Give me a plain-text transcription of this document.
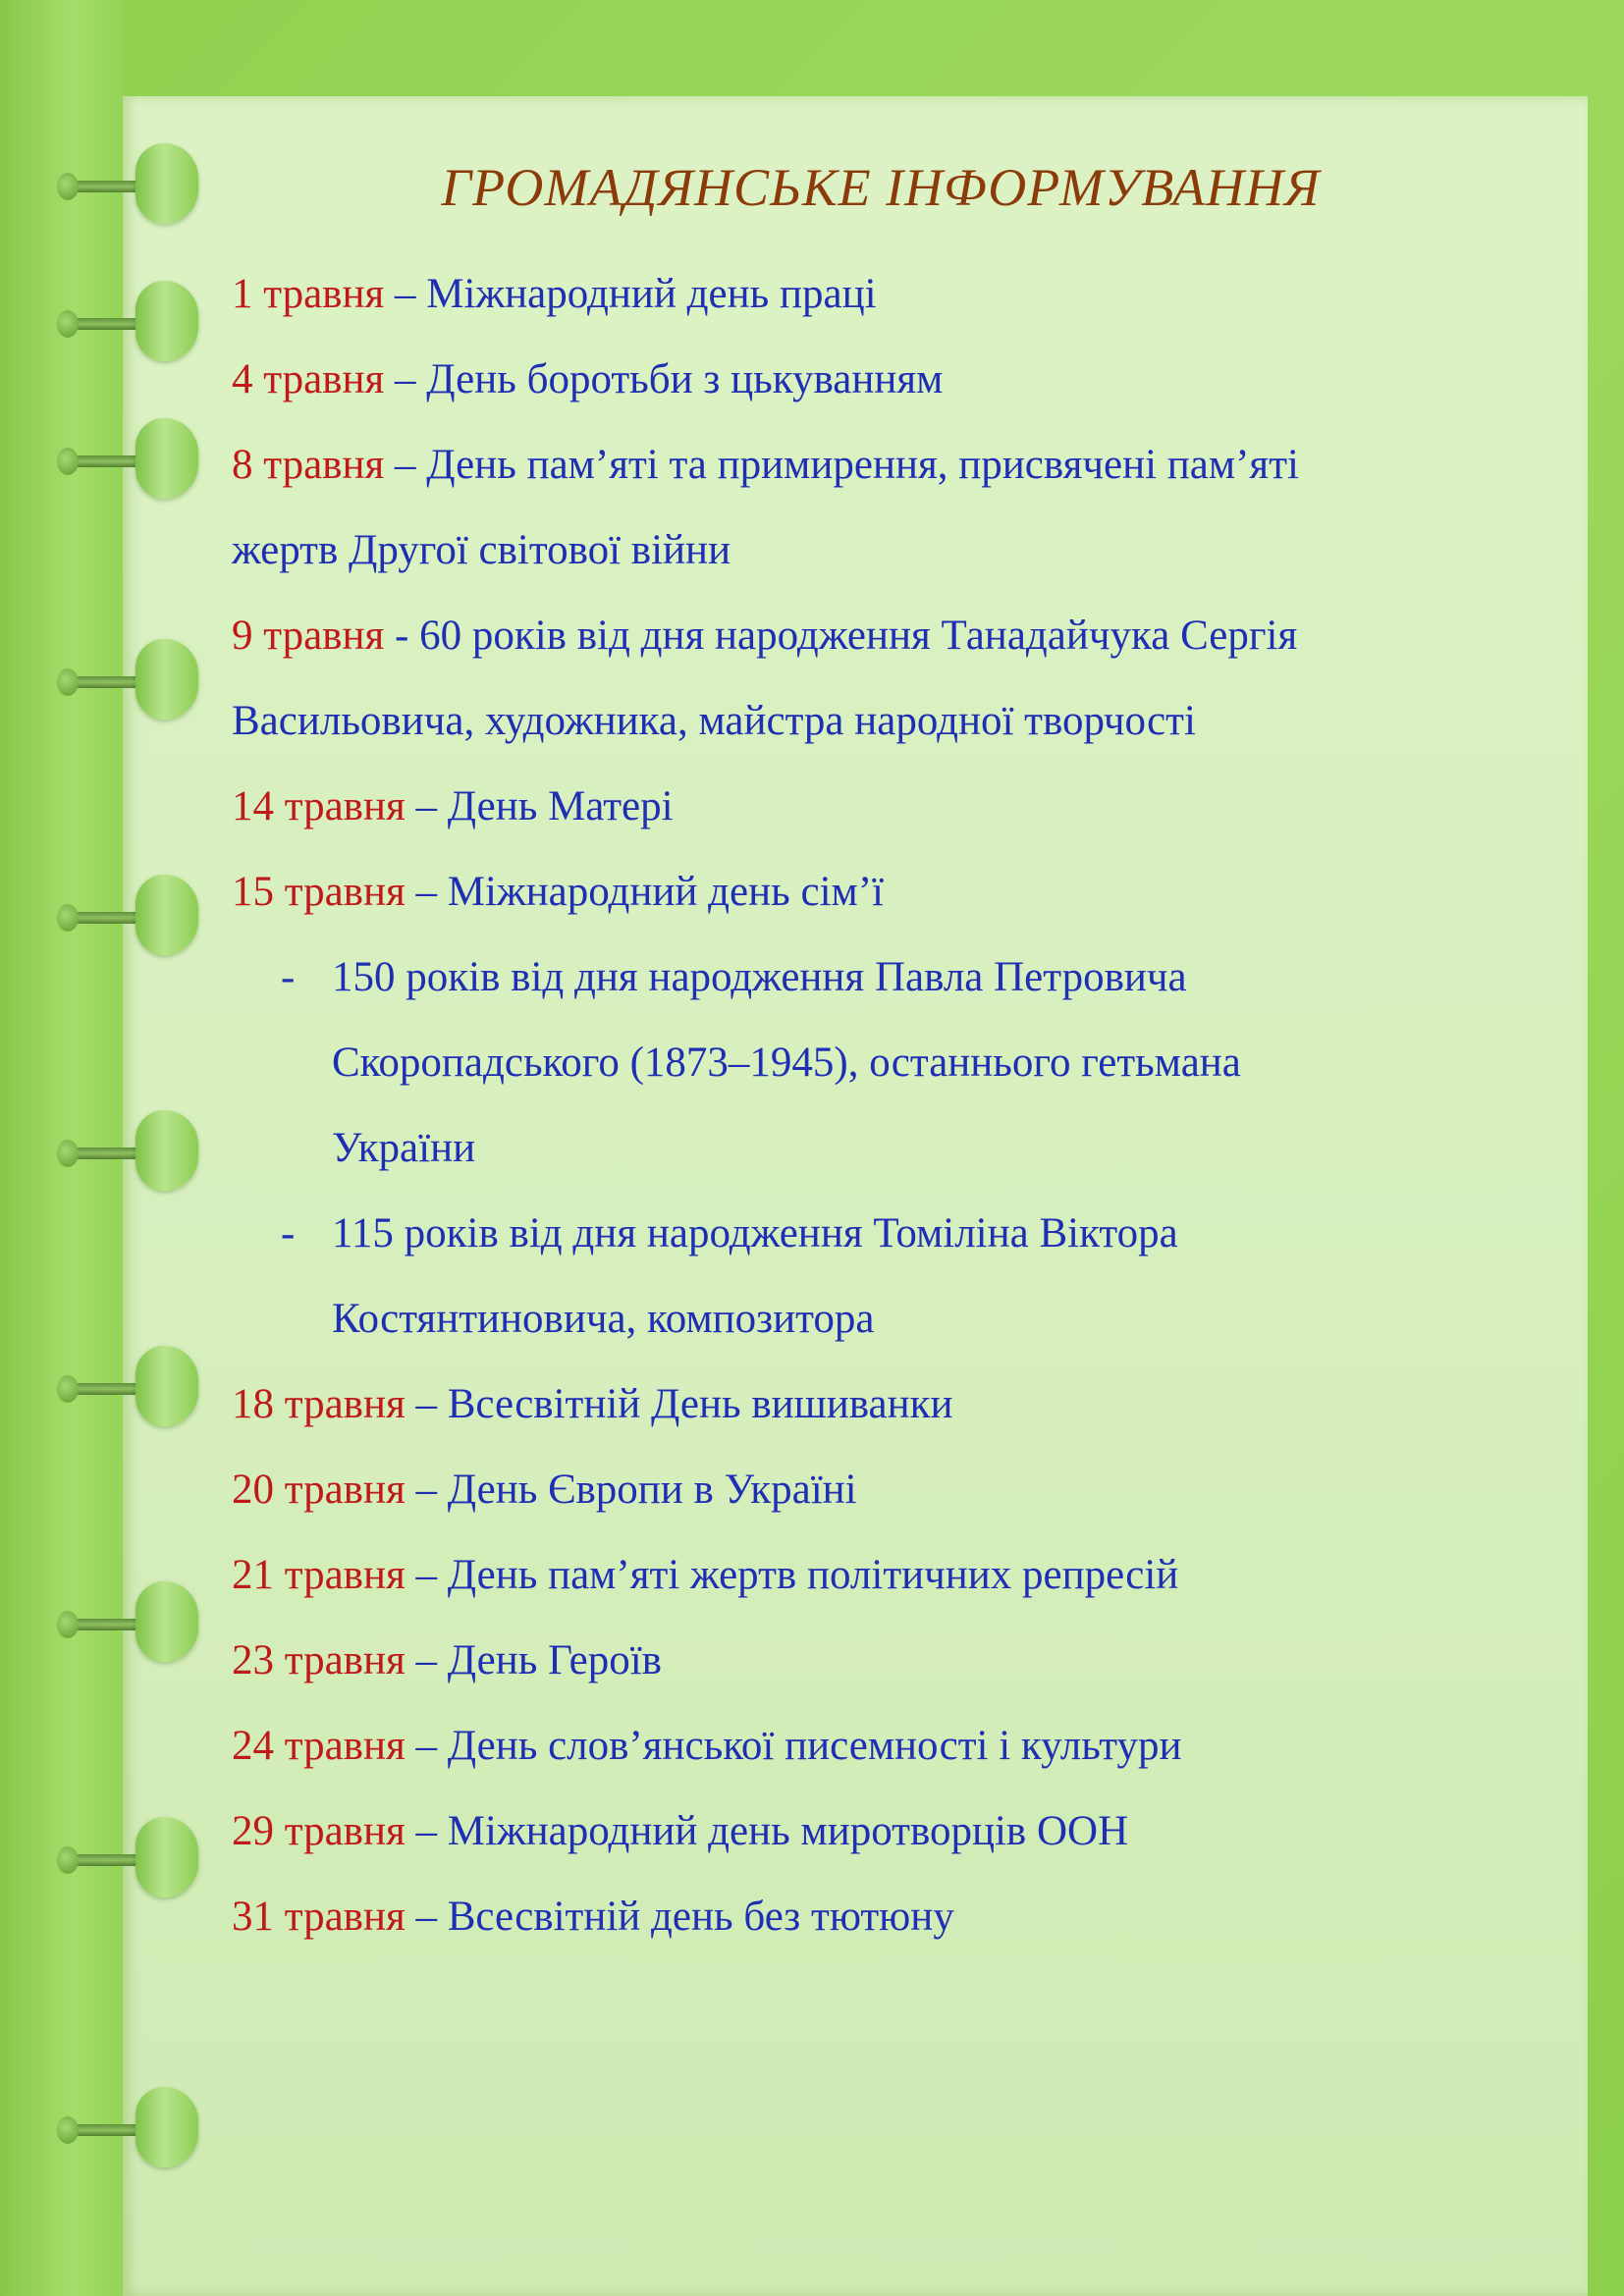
ГРОМАДЯНСЬКЕ ІНФОРМУВАННЯ
1 травня – Міжнародний день праці
4 травня – День боротьби з цькуванням
8 травня – День пам’яті та примирення, присвячені пам’яті
жертв Другої світової війни
9 травня - 60 років від дня народження Танадайчука Сергія
Васильовича, художника, майстра народної творчості
14 травня – День Матері
15 травня – Міжнародний день сім’ї
- 150 років від дня народження Павла Петровича
Скоропадського (1873–1945), останнього гетьмана
України
- 115 років від дня народження Томіліна Віктора
Костянтиновича, композитора
18 травня – Всесвітній День вишиванки
20 травня – День Європи в Україні
21 травня – День пам’яті жертв політичних репресій
23 травня – День Героїв
24 травня – День слов’янської писемності і культури
29 травня – Міжнародний день миротворців ООН
31 травня – Всесвітній день без тютюну
